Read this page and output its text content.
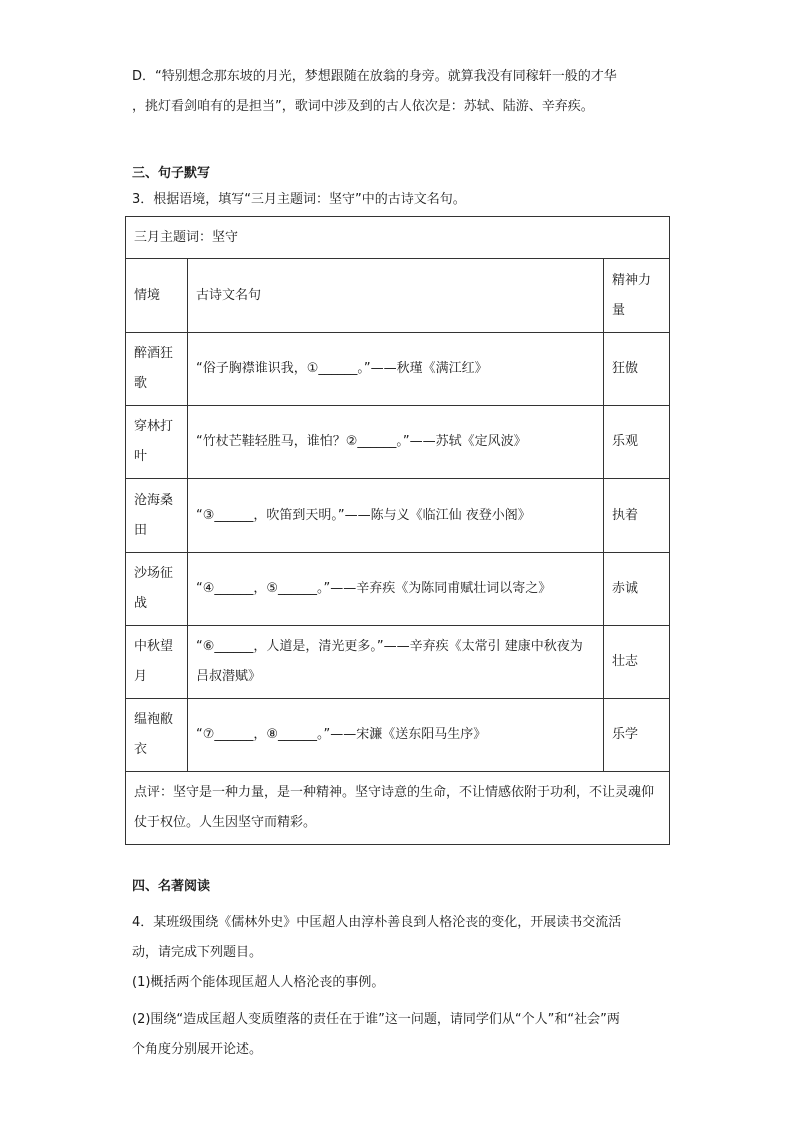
D．“特别想念那东坡的月光，梦想跟随在放翁的身旁。就算我没有同稼轩一般的才华
，挑灯看剑咱有的是担当”，歌词中涉及到的古人依次是：苏轼、陆游、辛弃疾。
三、句子默写
3．根据语境，填写“三月主题词：坚守”中的古诗文名句。
三月主题词：坚守		
情境	古诗文名句	精神力量
醉酒狂歌	“俗子胸襟谁识我，①______。”——秋瑾《满江红》	狂傲
穿林打叶	“竹杖芒鞋轻胜马，谁怕？②______。”——苏轼《定风波》	乐观
沧海桑田	“③______，吹笛到天明。”——陈与义《临江仙 夜登小阁》	执着
沙场征战	“④______，⑤______。”——辛弃疾《为陈同甫赋壮词以寄之》	赤诚
中秋望月	“⑥______，人道是，清光更多。”——辛弃疾《太常引 建康中秋夜为吕叔潜赋》	壮志
缊袍敝衣	“⑦______，⑧______。”——宋濂《送东阳马生序》	乐学
点评：坚守是一种力量，是一种精神。坚守诗意的生命，不让情感依附于功利，不让灵魂仰仗于权位。人生因坚守而精彩。		
四、名著阅读
4．某班级围绕《儒林外史》中匡超人由淳朴善良到人格沦丧的变化，开展读书交流活
动，请完成下列题目。
(1)概括两个能体现匡超人人格沦丧的事例。
(2)围绕“造成匡超人变质堕落的责任在于谁”这一问题，请同学们从“个人”和“社会”两
个角度分别展开论述。
